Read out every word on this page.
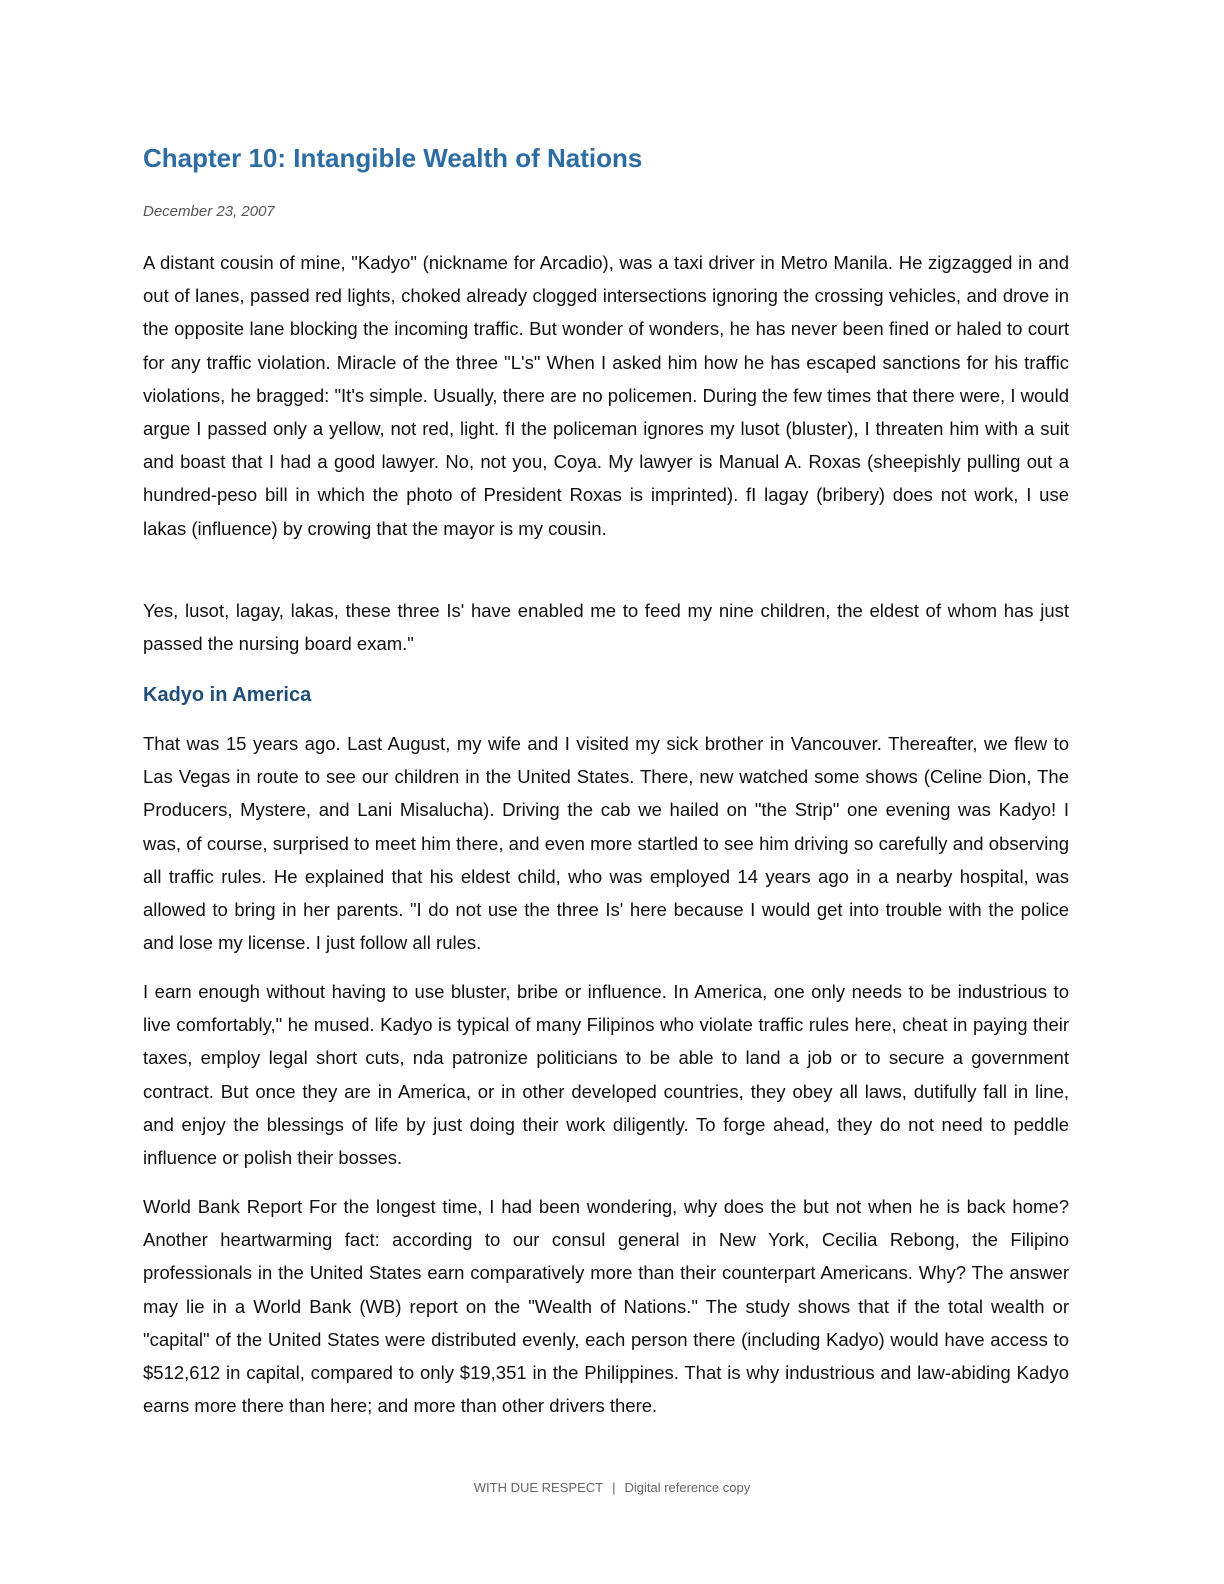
Chapter 10: Intangible Wealth of Nations

December 23, 2007

A distant cousin of mine, "Kadyo" (nickname for Arcadio), was a taxi driver in Metro Manila. He zigzagged in and out of lanes, passed red lights, choked already clogged intersections ignoring the crossing vehicles, and drove in the opposite lane blocking the incoming traffic. But wonder of wonders, he has never been fined or haled to court for any traffic violation. Miracle of the three "L's" When I asked him how he has escaped sanctions for his traffic violations, he bragged: "It's simple. Usually, there are no policemen. During the few times that there were, I would argue I passed only a yellow, not red, light. fI the policeman ignores my lusot (bluster), I threaten him with a suit and boast that I had a good lawyer. No, not you, Coya. My lawyer is Manual A. Roxas (sheepishly pulling out a hundred-peso bill in which the photo of President Roxas is imprinted). fI lagay (bribery) does not work, I use lakas (influence) by crowing that the mayor is my cousin.

Yes, lusot, lagay, lakas, these three Is' have enabled me to feed my nine children, the eldest of whom has just passed the nursing board exam."

Kadyo in America

That was 15 years ago. Last August, my wife and I visited my sick brother in Vancouver. Thereafter, we flew to Las Vegas in route to see our children in the United States. There, new watched some shows (Celine Dion, The Producers, Mystere, and Lani Misalucha). Driving the cab we hailed on "the Strip" one evening was Kadyo! I was, of course, surprised to meet him there, and even more startled to see him driving so carefully and observing all traffic rules. He explained that his eldest child, who was employed 14 years ago in a nearby hospital, was allowed to bring in her parents. "I do not use the three Is' here because I would get into trouble with the police and lose my license. I just follow all rules.

I earn enough without having to use bluster, bribe or influence. In America, one only needs to be industrious to live comfortably," he mused. Kadyo is typical of many Filipinos who violate traffic rules here, cheat in paying their taxes, employ legal short cuts, nda patronize politicians to be able to land a job or to secure a government contract. But once they are in America, or in other developed countries, they obey all laws, dutifully fall in line, and enjoy the blessings of life by just doing their work diligently. To forge ahead, they do not need to peddle influence or polish their bosses.

World Bank Report For the longest time, I had been wondering, why does the but not when he is back home? Another heartwarming fact: according to our consul general in New York, Cecilia Rebong, the Filipino professionals in the United States earn comparatively more than their counterpart Americans. Why? The answer may lie in a World Bank (WB) report on the "Wealth of Nations." The study shows that if the total wealth or "capital" of the United States were distributed evenly, each person there (including Kadyo) would have access to $512,612 in capital, compared to only $19,351 in the Philippines. That is why industrious and law-abiding Kadyo earns more there than here; and more than other drivers there.

WITH DUE RESPECT | Digital reference copy
